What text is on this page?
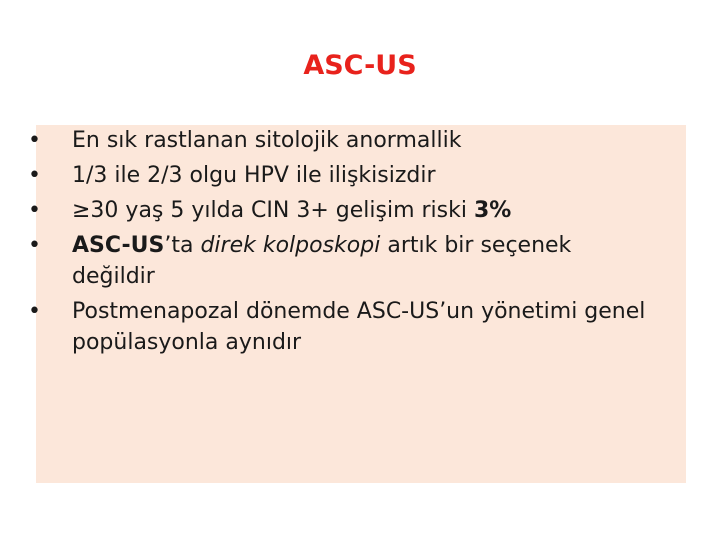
ASC-US
• En sık rastlanan sitolojik anormallik
• 1/3 ile 2/3 olgu HPV ile ilişkisizdir
• ≥30 yaş 5 yılda CIN 3+ gelişim riski 3%
• ASC-US’ta direk kolposkopi artık bir seçenek değildir
• Postmenapozal dönemde ASC-US’un yönetimi genel popülasyonla aynıdır
